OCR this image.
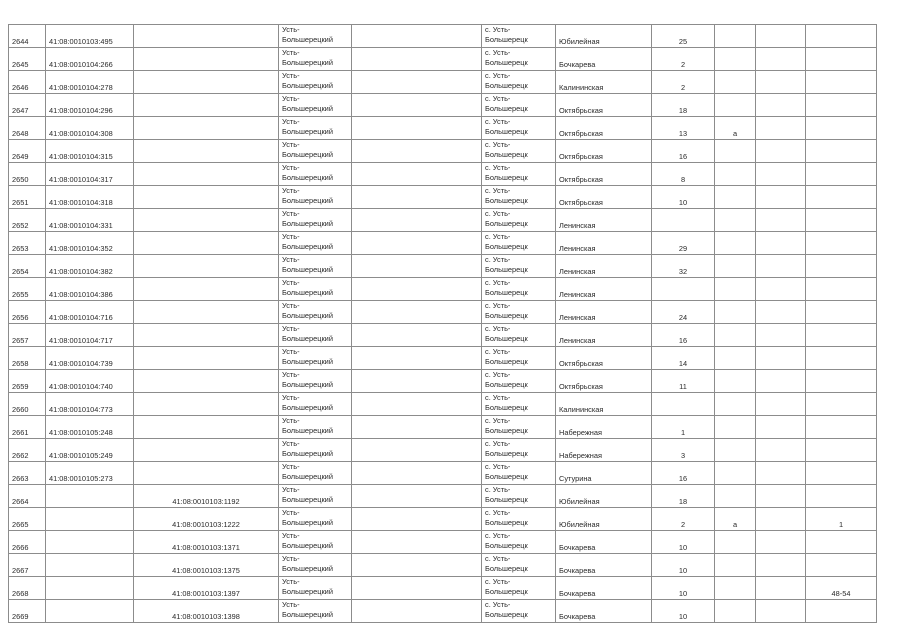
2644	41:08:0010103:495		Усть-
Большерецкий		с. Усть-
Большерецк	Юбилейная	25			
2645	41:08:0010104:266		Усть-
Большерецкий		с. Усть-
Большерецк	Бочкарева	2			
2646	41:08:0010104:278		Усть-
Большерецкий		с. Усть-
Большерецк	Калининская	2			
2647	41:08:0010104:296		Усть-
Большерецкий		с. Усть-
Большерецк	Октябрьская	18			
2648	41:08:0010104:308		Усть-
Большерецкий		с. Усть-
Большерецк	Октябрьская	13	а		
2649	41:08:0010104:315		Усть-
Большерецкий		с. Усть-
Большерецк	Октябрьская	16			
2650	41:08:0010104:317		Усть-
Большерецкий		с. Усть-
Большерецк	Октябрьская	8			
2651	41:08:0010104:318		Усть-
Большерецкий		с. Усть-
Большерецк	Октябрьская	10			
2652	41:08:0010104:331		Усть-
Большерецкий		с. Усть-
Большерецк	Ленинская				
2653	41:08:0010104:352		Усть-
Большерецкий		с. Усть-
Большерецк	Ленинская	29			
2654	41:08:0010104:382		Усть-
Большерецкий		с. Усть-
Большерецк	Ленинская	32			
2655	41:08:0010104:386		Усть-
Большерецкий		с. Усть-
Большерецк	Ленинская				
2656	41:08:0010104:716		Усть-
Большерецкий		с. Усть-
Большерецк	Ленинская	24			
2657	41:08:0010104:717		Усть-
Большерецкий		с. Усть-
Большерецк	Ленинская	16			
2658	41:08:0010104:739		Усть-
Большерецкий		с. Усть-
Большерецк	Октябрьская	14			
2659	41:08:0010104:740		Усть-
Большерецкий		с. Усть-
Большерецк	Октябрьская	11			
2660	41:08:0010104:773		Усть-
Большерецкий		с. Усть-
Большерецк	Калининская				
2661	41:08:0010105:248		Усть-
Большерецкий		с. Усть-
Большерецк	Набережная	1			
2662	41:08:0010105:249		Усть-
Большерецкий		с. Усть-
Большерецк	Набережная	3			
2663	41:08:0010105:273		Усть-
Большерецкий		с. Усть-
Большерецк	Сутурина	16			
2664		41:08:0010103:1192	Усть-
Большерецкий		с. Усть-
Большерецк	Юбилейная	18			
2665		41:08:0010103:1222	Усть-
Большерецкий		с. Усть-
Большерецк	Юбилейная	2	а		1
2666		41:08:0010103:1371	Усть-
Большерецкий		с. Усть-
Большерецк	Бочкарева	10			
2667		41:08:0010103:1375	Усть-
Большерецкий		с. Усть-
Большерецк	Бочкарева	10			
2668		41:08:0010103:1397	Усть-
Большерецкий		с. Усть-
Большерецк	Бочкарева	10			48-54
2669		41:08:0010103:1398	Усть-
Большерецкий		с. Усть-
Большерецк	Бочкарева	10			
